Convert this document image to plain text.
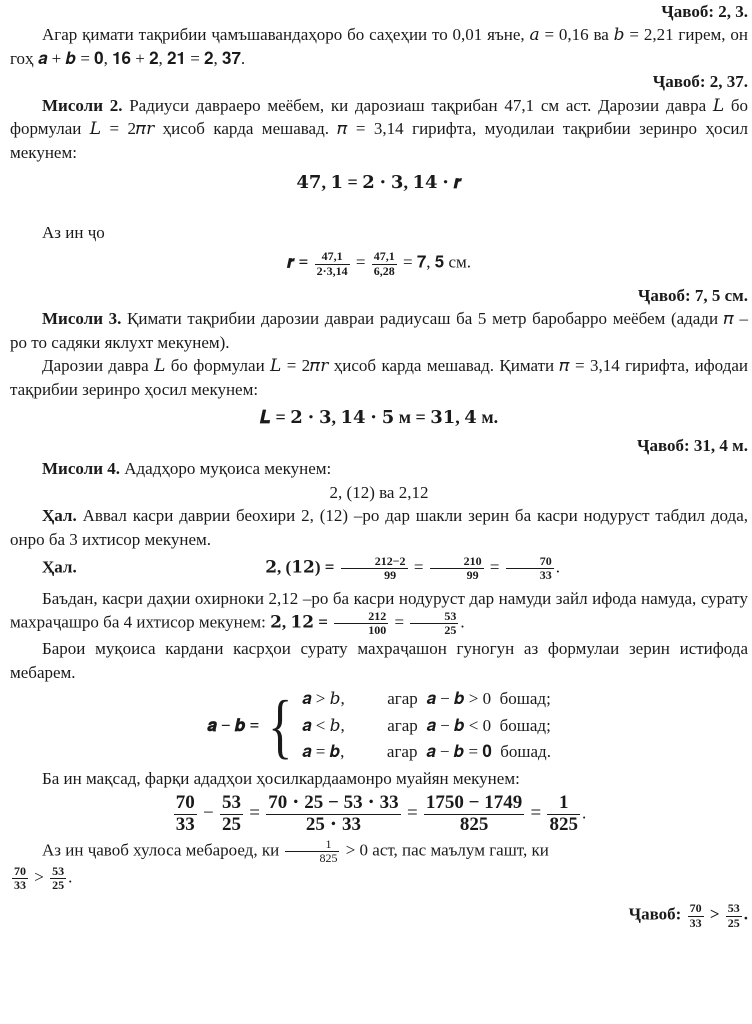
Ҷавоб: 2, 3.

Агар қимати тақрибии ҷамъшавандаҳоро бо саҳеҳии то 0,01 яъне, 𝑎 = 0,16 ва 𝑏 = 2,21 гирем, он гоҳ 𝒂 + 𝒃 = 𝟎, 𝟏𝟔 + 𝟐, 𝟐𝟏 = 𝟐, 𝟑𝟕.

Ҷавоб: 2, 37.

Мисоли 2. Радиуси давраеро меёбем, ки дарозиаш тақрибан 47,1 см аст. Дарозии давра 𝐿 бо формулаи 𝐿 = 2𝜋𝑟 ҳисоб карда мешавад. 𝜋 = 3,14 гирифта, муодилаи тақрибии зеринро ҳосил мекунем:

𝟒𝟕, 𝟏 = 𝟐 ⋅ 𝟑, 𝟏𝟒 ⋅ 𝒓

Аз ин ҷо

𝒓 = $\frac{47,1}{2\cdot 3,14} = \frac{47,1}{6,28}$ = 𝟕, 𝟓 см.

Ҷавоб: 7, 5 см.

Мисоли 3. Қимати тақрибии дарозии давраи радиусаш ба 5 метр баробарро меёбем (адади 𝜋 – ро то садяки яклухт мекунем).

Дарозии давра 𝐿 бо формулаи 𝐿 = 2𝜋𝑟 ҳисоб карда мешавад. Қимати 𝜋 = 3,14 гирифта, ифодаи тақрибии зеринро ҳосил мекунем:

𝑳 = 𝟐 ⋅ 𝟑, 𝟏𝟒 ⋅ 𝟓 м = 𝟑𝟏, 𝟒 м.

Ҷавоб: 31, 4 м.

Мисоли 4. Ададҳоро муқоиса мекунем:

2, (12) ва 2,12

Ҳал. Аввал касри даврии беохири 2, (12) –ро дар шакли зерин ба касри нодуруст табдил дода, онро ба 3 ихтисор мекунем.

Ҳал.	𝟐, (𝟏𝟐) = $\frac{212-2}{99} = \frac{210}{99} = \frac{70}{33}$ .

Баъдан, касри даҳии охирноки 2,12 –ро ба касри нодуруст дар намуди зайл ифода намуда, сурату махраҷашро ба 4 ихтисор мекунем: 𝟐, 𝟏𝟐 = $\frac{212}{100} = \frac{53}{25}$ .

Барои муқоиса кардани касрҳои сурату махраҷашон гуногун аз формулаи зерин истифода мебарем.

𝒂 − 𝒃 = { 𝒂 > 𝑏,          агар  𝒂 − 𝒃 > 0  бошад;
𝒂 < 𝑏,          агар  𝒂 − 𝒃 < 0  бошад;
𝒂 = 𝒃,          агар  𝒂 − 𝒃 = 𝟎  бошад.

Ба ин мақсад, фарқи ададҳои ҳосилкардаамонро муайян мекунем:

$\frac{70}{33} - \frac{53}{25} = \frac{70 \cdot 25 - 53 \cdot 33}{25 \cdot 33} = \frac{1750 - 1749}{825} = \frac{1}{825}$ .

Аз ин ҷавоб хулоса мебароед, ки $\frac{1}{825} > 0$ аст, пас маълум гашт, ки

$\frac{70}{33} > \frac{53}{25}$ .

Ҷавоб: $\frac{70}{33} > \frac{53}{25}$ .
